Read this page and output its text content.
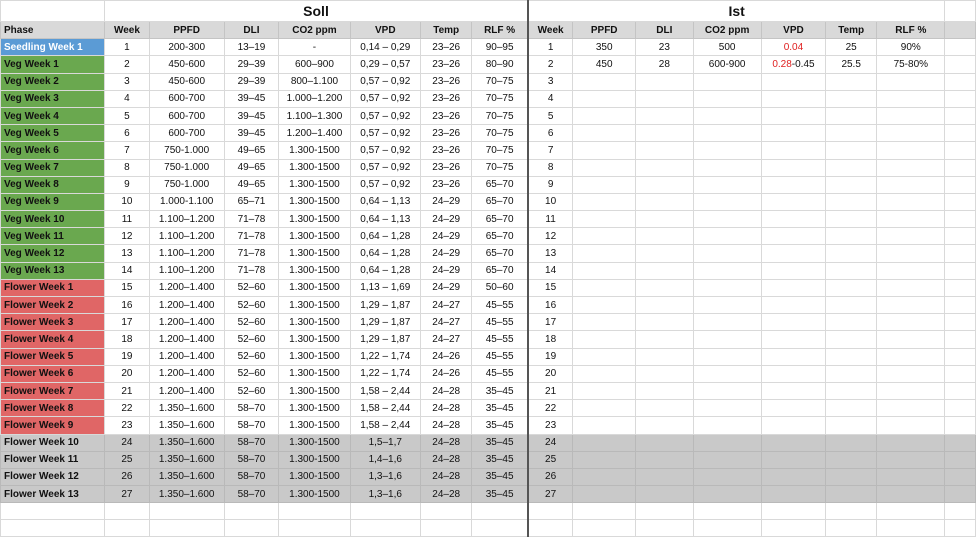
	Soll							Ist							
Phase	Week	PPFD	DLI	CO2 ppm	VPD	Temp	RLF %	Week	PPFD	DLI	CO2 ppm	VPD	Temp	RLF %	
Seedling Week 1	1	200-300	13–19	-	0,14 – 0,29	23–26	90–95	1	350	23	500	0.04	25	90%	
Veg Week 1	2	450-600	29–39	600–900	0,29 – 0,57	23–26	80–90	2	450	28	600-900	0.28-0.45	25.5	75-80%	
Veg Week 2	3	450-600	29–39	800–1.100	0,57 – 0,92	23–26	70–75	3							
Veg Week 3	4	600-700	39–45	1.000–1.200	0,57 – 0,92	23–26	70–75	4							
Veg Week 4	5	600-700	39–45	1.100–1.300	0,57 – 0,92	23–26	70–75	5							
Veg Week 5	6	600-700	39–45	1.200–1.400	0,57 – 0,92	23–26	70–75	6							
Veg Week 6	7	750-1.000	49–65	1.300-1500	0,57 – 0,92	23–26	70–75	7							
Veg Week 7	8	750-1.000	49–65	1.300-1500	0,57 – 0,92	23–26	70–75	8							
Veg Week 8	9	750-1.000	49–65	1.300-1500	0,57 – 0,92	23–26	65–70	9							
Veg Week 9	10	1.000-1.100	65–71	1.300-1500	0,64 – 1,13	24–29	65–70	10							
Veg Week 10	11	1.100–1.200	71–78	1.300-1500	0,64 – 1,13	24–29	65–70	11							
Veg Week 11	12	1.100–1.200	71–78	1.300-1500	0,64 – 1,28	24–29	65–70	12							
Veg Week 12	13	1.100–1.200	71–78	1.300-1500	0,64 – 1,28	24–29	65–70	13							
Veg Week 13	14	1.100–1.200	71–78	1.300-1500	0,64 – 1,28	24–29	65–70	14							
Flower Week 1	15	1.200–1.400	52–60	1.300-1500	1,13 – 1,69	24–29	50–60	15							
Flower Week 2	16	1.200–1.400	52–60	1.300-1500	1,29 – 1,87	24–27	45–55	16							
Flower Week 3	17	1.200–1.400	52–60	1.300-1500	1,29 – 1,87	24–27	45–55	17							
Flower Week 4	18	1.200–1.400	52–60	1.300-1500	1,29 – 1,87	24–27	45–55	18							
Flower Week 5	19	1.200–1.400	52–60	1.300-1500	1,22 – 1,74	24–26	45–55	19							
Flower Week 6	20	1.200–1.400	52–60	1.300-1500	1,22 – 1,74	24–26	45–55	20							
Flower Week 7	21	1.200–1.400	52–60	1.300-1500	1,58 – 2,44	24–28	35–45	21							
Flower Week 8	22	1.350–1.600	58–70	1.300-1500	1,58 – 2,44	24–28	35–45	22							
Flower Week 9	23	1.350–1.600	58–70	1.300-1500	1,58 – 2,44	24–28	35–45	23							
Flower Week 10	24	1.350–1.600	58–70	1.300-1500	1,5–1,7	24–28	35–45	24							
Flower Week 11	25	1.350–1.600	58–70	1.300-1500	1,4–1,6	24–28	35–45	25							
Flower Week 12	26	1.350–1.600	58–70	1.300-1500	1,3–1,6	24–28	35–45	26							
Flower Week 13	27	1.350–1.600	58–70	1.300-1500	1,3–1,6	24–28	35–45	27							
